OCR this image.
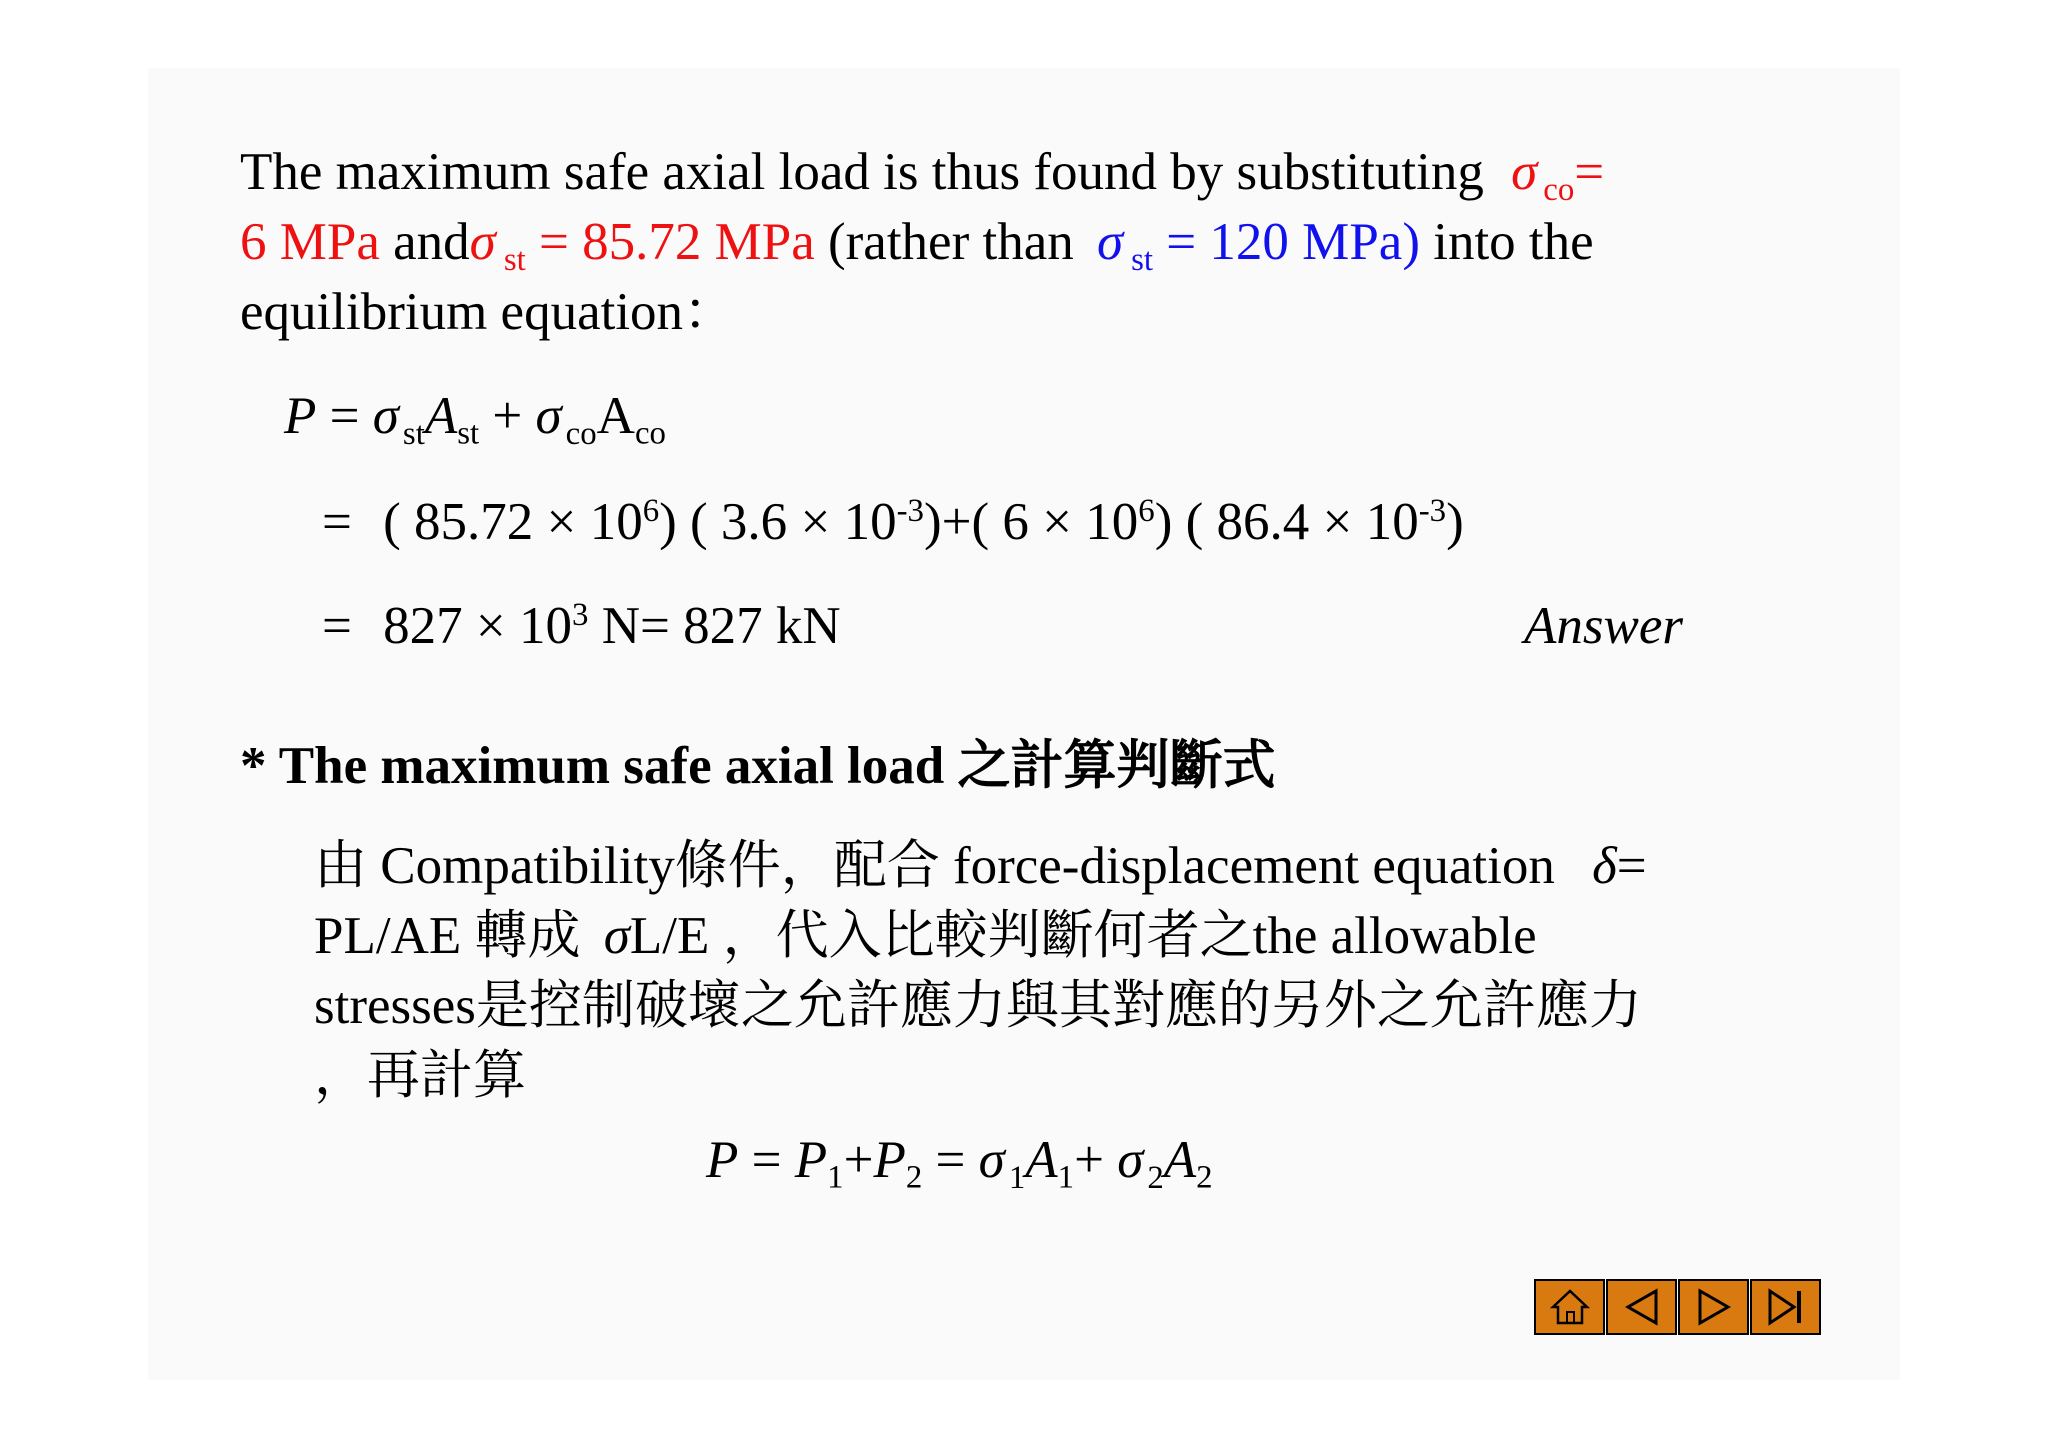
The maximum safe axial load is thus found by substituting σ $_{co}$=
6 MPa andσ $_{st}$ = 85.72 MPa (rather than σ $_{st}$ = 120 MPa) into the
equilibrium equation：
P = σ $_{st}A_{st} + \sigma$ $_{co}A_{co}$
= ( $85.72 \times 10^6$) ( $3.6 \times 10^{-3})+$( $6 \times 10^6$) ( $86.4 \times 10^{-3}$)
= $827 \times 10^3$ N= 827 kN	Answer
* The maximum safe axial load 之計算判斷式
由 Compatibility條件，配合 force-displacement equation δ=
PL/AE 轉成 σL/E ，代入比較判斷何者之the allowable
stresses是控制破壞之允許應力與其對應的另外之允許應力
，再計算
$P = P_1+P_2 = \sigma$ $_1A_1+ \sigma$ $_2A_2$
